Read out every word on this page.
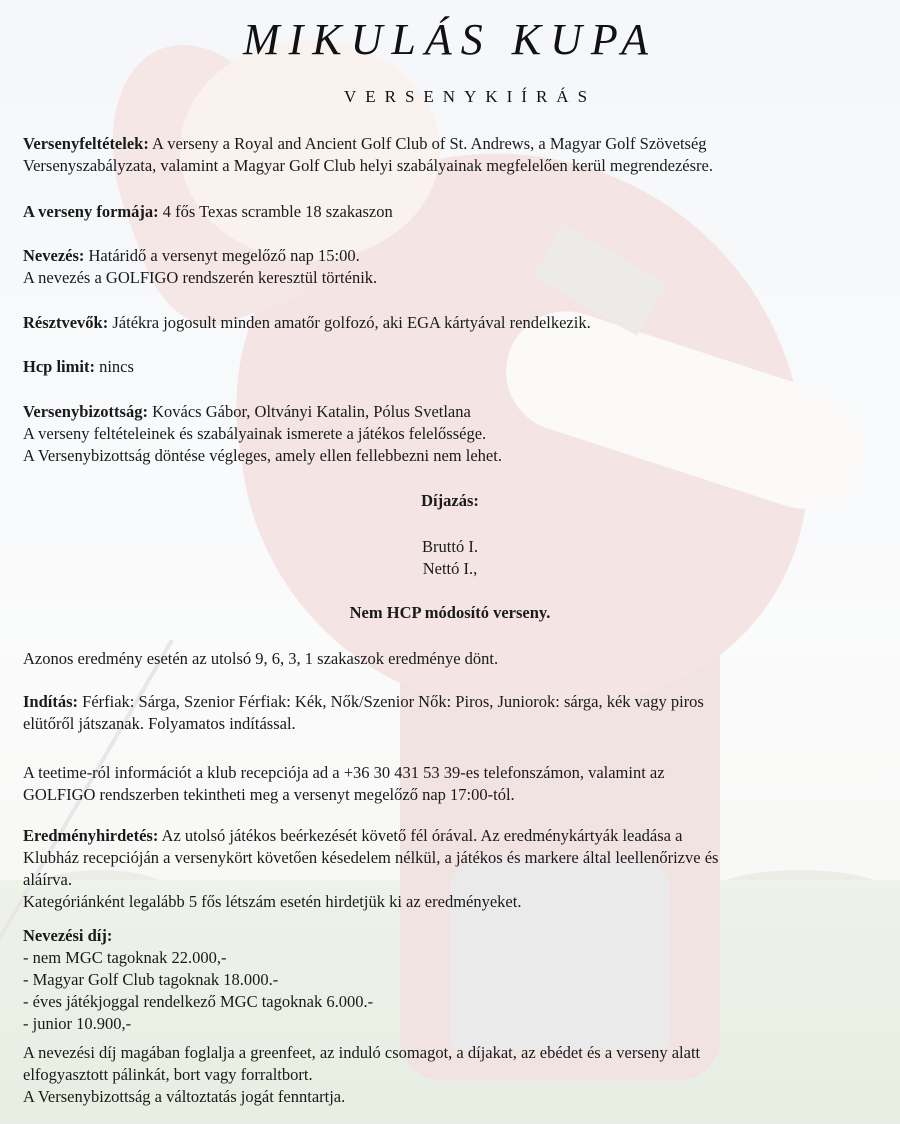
MIKULÁS KUPA
VERSENYKIÍRÁS
Versenyfeltételek: A verseny a Royal and Ancient Golf Club of St. Andrews, a Magyar Golf Szövetség
Versenyszabályzata, valamint a Magyar Golf Club helyi szabályainak megfelelően kerül megrendezésre.
A verseny formája: 4 fős Texas scramble 18 szakaszon
Nevezés: Határidő a versenyt megelőző nap 15:00.
A nevezés a GOLFIGO rendszerén keresztül történik.
Résztvevők: Játékra jogosult minden amatőr golfozó, aki EGA kártyával rendelkezik.
Hcp limit: nincs
Versenybizottság: Kovács Gábor, Oltványi Katalin, Pólus Svetlana
A verseny feltételeinek és szabályainak ismerete a játékos felelőssége.
A Versenybizottság döntése végleges, amely ellen fellebbezni nem lehet.
Díjazás:
Bruttó I.
Nettó I.,
Nem HCP módosító verseny.
Azonos eredmény esetén az utolsó 9, 6, 3, 1 szakaszok eredménye dönt.
Indítás: Férfiak: Sárga, Szenior Férfiak: Kék, Nők/Szenior Nők: Piros, Juniorok: sárga, kék vagy piros
elütőről játszanak. Folyamatos indítással.
A teetime-ról információt a klub recepciója ad a +36 30 431 53 39-es telefonszámon, valamint az
GOLFIGO rendszerben tekintheti meg a versenyt megelőző nap 17:00-tól.
Eredményhirdetés: Az utolsó játékos beérkezését követő fél órával. Az eredménykártyák leadása a
Klubház recepcióján a versenykört követően késedelem nélkül, a játékos és markere által leellenőrizve és
aláírva.
Kategóriánként legalább 5 fős létszám esetén hirdetjük ki az eredményeket.
Nevezési díj:
- nem MGC tagoknak 22.000,-
- Magyar Golf Club tagoknak 18.000.-
- éves játékjoggal rendelkező MGC tagoknak 6.000.-
- junior 10.900,-
A nevezési díj magában foglalja a greenfeet, az induló csomagot, a díjakat, az ebédet és a verseny alatt
elfogyasztott pálinkát, bort vagy forraltbort.
A Versenybizottság a változtatás jogát fenntartja.
